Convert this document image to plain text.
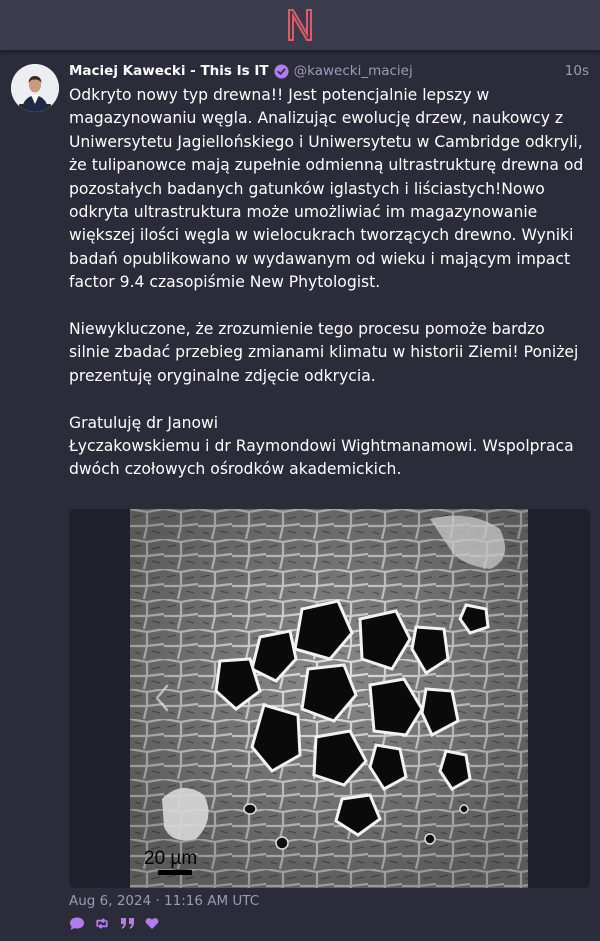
Maciej Kawecki - This Is IT @kawecki_maciej	10s

Odkryto nowy typ drewna!! Jest potencjalnie lepszy w magazynowaniu węgla. Analizując ewolucję drzew, naukowcy z Uniwersytetu Jagiellońskiego i Uniwersytetu w Cambridge odkryli, że tulipanowce mają zupełnie odmienną ultrastrukturę drewna od pozostałych badanych gatunków iglastych i liściastych!Nowo odkryta ultrastruktura może umożliwiać im magazynowanie większej ilości węgla w wielocukrach tworzących drewno. Wyniki badań opublikowano w wydawanym od wieku i mającym impact factor 9.4 czasopiśmie New Phytologist.

Niewykluczone, że zrozumienie tego procesu pomoże bardzo silnie zbadać przebieg zmianami klimatu w historii Ziemi! Poniżej prezentuję oryginalne zdjęcie odkrycia.

Gratuluję dr Janowi
Łyczakowskiemu i dr Raymondowi Wightmanamowi. Wspolpraca dwóch czołowych ośrodków akademickich.
20 µm
Aug 6, 2024 · 11:16 AM UTC
